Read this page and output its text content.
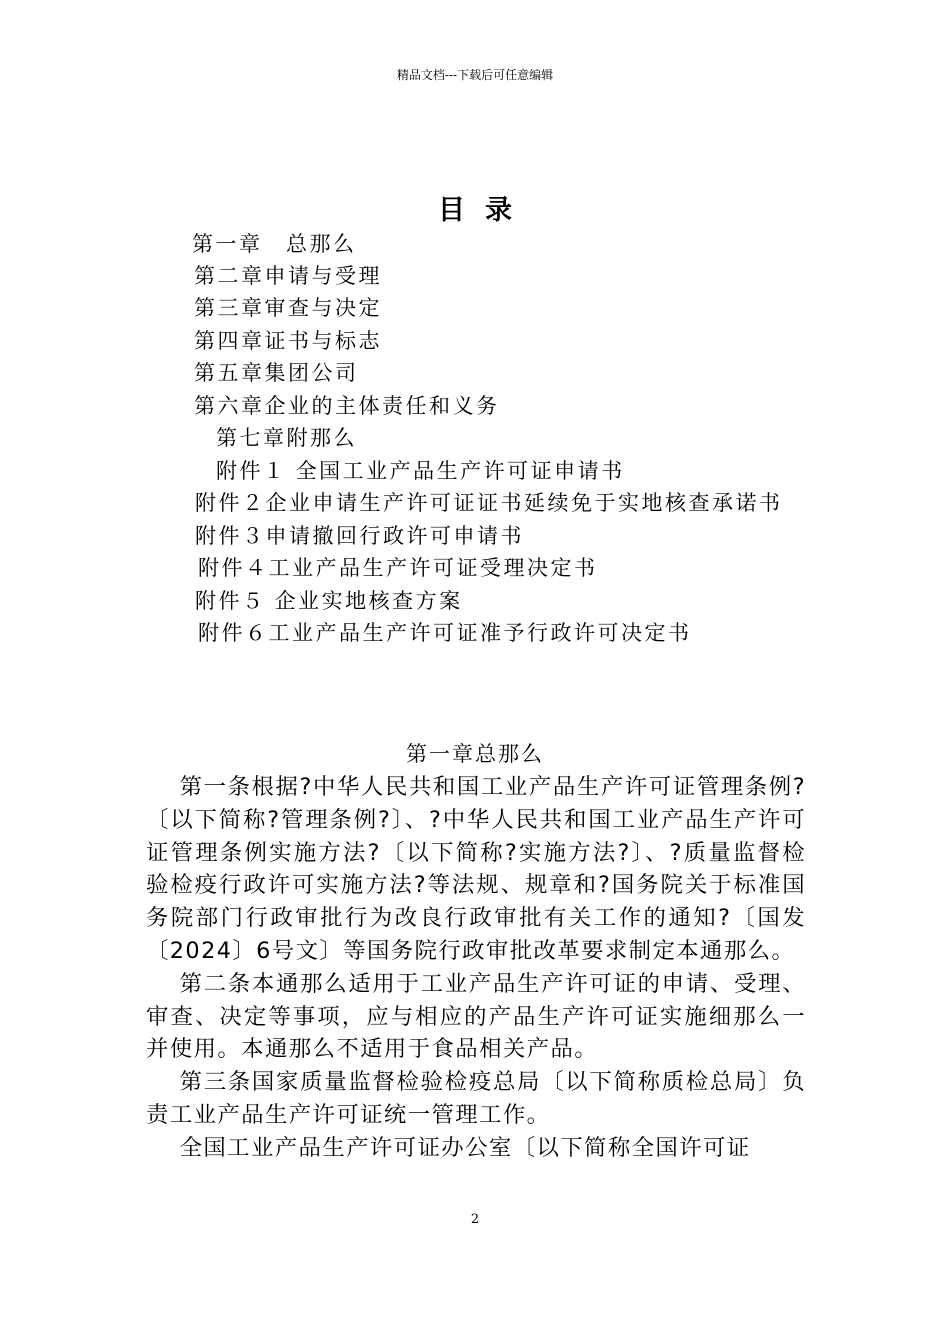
精品文档---下载后可任意编辑
目录
第一章　总那么
第二章申请与受理
第三章审查与决定
第四章证书与标志
第五章集团公司
第六章企业的主体责任和义务
第七章附那么
附件１ 全国工业产品生产许可证申请书
附件２企业申请生产许可证证书延续免于实地核查承诺书
附件３申请撤回行政许可申请书
附件４工业产品生产许可证受理决定书
附件５ 企业实地核查方案
附件６工业产品生产许可证准予行政许可决定书
第一章总那么

第一条根据?中华人民共和国工业产品生产许可证管理条例?〔以下简称?管理条例?〕、?中华人民共和国工业产品生产许可证管理条例实施方法?〔以下简称?实施方法?〕、?质量监督检验检疫行政许可实施方法?等法规、规章和?国务院关于标准国务院部门行政审批行为改良行政审批有关工作的通知?〔国发〔2024〕6号文〕等国务院行政审批改革要求制定本通那么。

第二条本通那么适用于工业产品生产许可证的申请、受理、审查、决定等事项，应与相应的产品生产许可证实施细那么一并使用。本通那么不适用于食品相关产品。

第三条国家质量监督检验检疫总局〔以下简称质检总局〕负责工业产品生产许可证统一管理工作。

全国工业产品生产许可证办公室〔以下简称全国许可证

2
